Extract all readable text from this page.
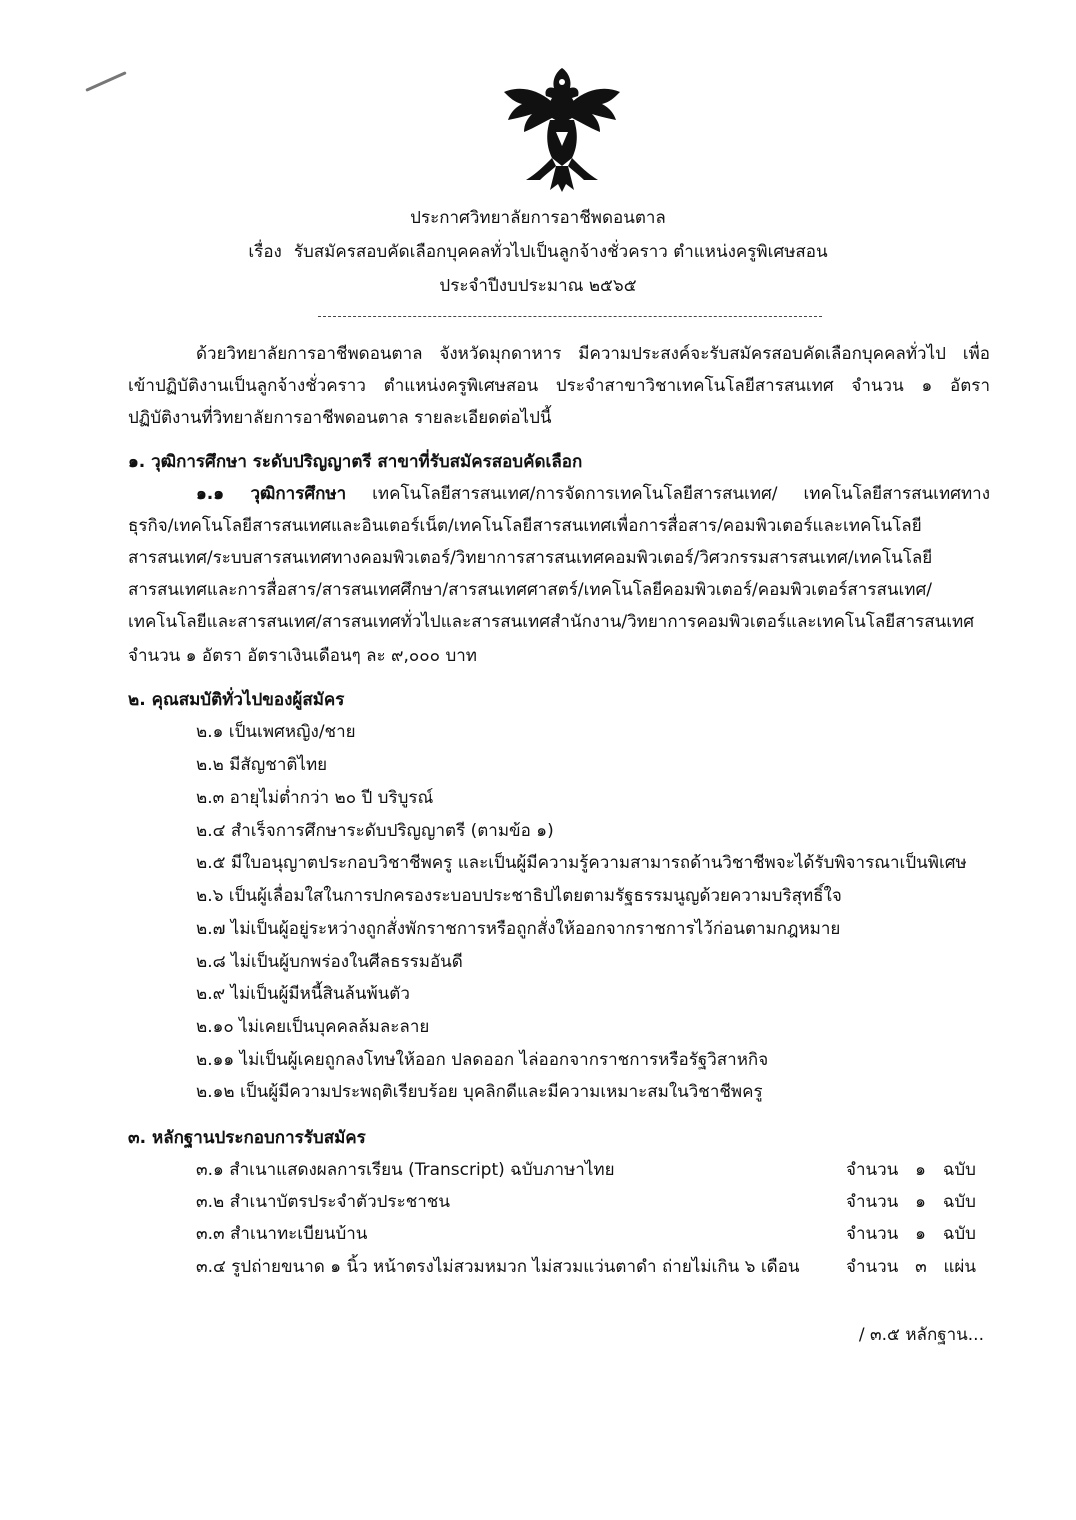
ประกาศวิทยาลัยการอาชีพดอนตาล
เรื่อง รับสมัครสอบคัดเลือกบุคคลทั่วไปเป็นลูกจ้างชั่วคราว ตำแหน่งครูพิเศษสอน
ประจำปีงบประมาณ ๒๕๖๕
ด้วยวิทยาลัยการอาชีพดอนตาล จังหวัดมุกดาหาร มีความประสงค์จะรับสมัครสอบคัดเลือกบุคคลทั่วไป เพื่อ
เข้าปฏิบัติงานเป็นลูกจ้างชั่วคราว ตำแหน่งครูพิเศษสอน ประจำสาขาวิชาเทคโนโลยีสารสนเทศ จำนวน ๑ อัตรา
ปฏิบัติงานที่วิทยาลัยการอาชีพดอนตาล รายละเอียดต่อไปนี้
๑. วุฒิการศึกษา ระดับปริญญาตรี สาขาที่รับสมัครสอบคัดเลือก
๑.๑ วุฒิการศึกษา เทคโนโลยีสารสนเทศ/การจัดการเทคโนโลยีสารสนเทศ/ เทคโนโลยีสารสนเทศทาง
ธุรกิจ/เทคโนโลยีสารสนเทศและอินเตอร์เน็ต/เทคโนโลยีสารสนเทศเพื่อการสื่อสาร/คอมพิวเตอร์และเทคโนโลยี
สารสนเทศ/ระบบสารสนเทศทางคอมพิวเตอร์/วิทยาการสารสนเทศคอมพิวเตอร์/วิศวกรรมสารสนเทศ/เทคโนโลยี
สารสนเทศและการสื่อสาร/สารสนเทศศึกษา/สารสนเทศศาสตร์/เทคโนโลยีคอมพิวเตอร์/คอมพิวเตอร์สารสนเทศ/
เทคโนโลยีและสารสนเทศ/สารสนเทศทั่วไปและสารสนเทศสำนักงาน/วิทยาการคอมพิวเตอร์และเทคโนโลยีสารสนเทศ
จำนวน ๑ อัตรา อัตราเงินเดือนๆ ละ ๙,๐๐๐ บาท
๒. คุณสมบัติทั่วไปของผู้สมัคร
๒.๑ เป็นเพศหญิง/ชาย
๒.๒ มีสัญชาติไทย
๒.๓ อายุไม่ต่ำกว่า ๒๐ ปี บริบูรณ์
๒.๔ สำเร็จการศึกษาระดับปริญญาตรี (ตามข้อ ๑)
๒.๕ มีใบอนุญาตประกอบวิชาชีพครู และเป็นผู้มีความรู้ความสามารถด้านวิชาชีพจะได้รับพิจารณาเป็นพิเศษ
๒.๖ เป็นผู้เลื่อมใสในการปกครองระบอบประชาธิปไตยตามรัฐธรรมนูญด้วยความบริสุทธิ์ใจ
๒.๗ ไม่เป็นผู้อยู่ระหว่างถูกสั่งพักราชการหรือถูกสั่งให้ออกจากราชการไว้ก่อนตามกฎหมาย
๒.๘ ไม่เป็นผู้บกพร่องในศีลธรรมอันดี
๒.๙ ไม่เป็นผู้มีหนี้สินล้นพ้นตัว
๒.๑๐ ไม่เคยเป็นบุคคลล้มละลาย
๒.๑๑ ไม่เป็นผู้เคยถูกลงโทษให้ออก ปลดออก ไล่ออกจากราชการหรือรัฐวิสาหกิจ
๒.๑๒ เป็นผู้มีความประพฤติเรียบร้อย บุคลิกดีและมีความเหมาะสมในวิชาชีพครู
๓. หลักฐานประกอบการรับสมัคร
๓.๑ สำเนาแสดงผลการเรียน (Transcript) ฉบับภาษาไทย	จำนวน ๑ ฉบับ
๓.๒ สำเนาบัตรประจำตัวประชาชน	จำนวน ๑ ฉบับ
๓.๓ สำเนาทะเบียนบ้าน	จำนวน ๑ ฉบับ
๓.๔ รูปถ่ายขนาด ๑ นิ้ว หน้าตรงไม่สวมหมวก ไม่สวมแว่นตาดำ ถ่ายไม่เกิน ๖ เดือน	จำนวน ๓ แผ่น
/ ๓.๕ หลักฐาน...
